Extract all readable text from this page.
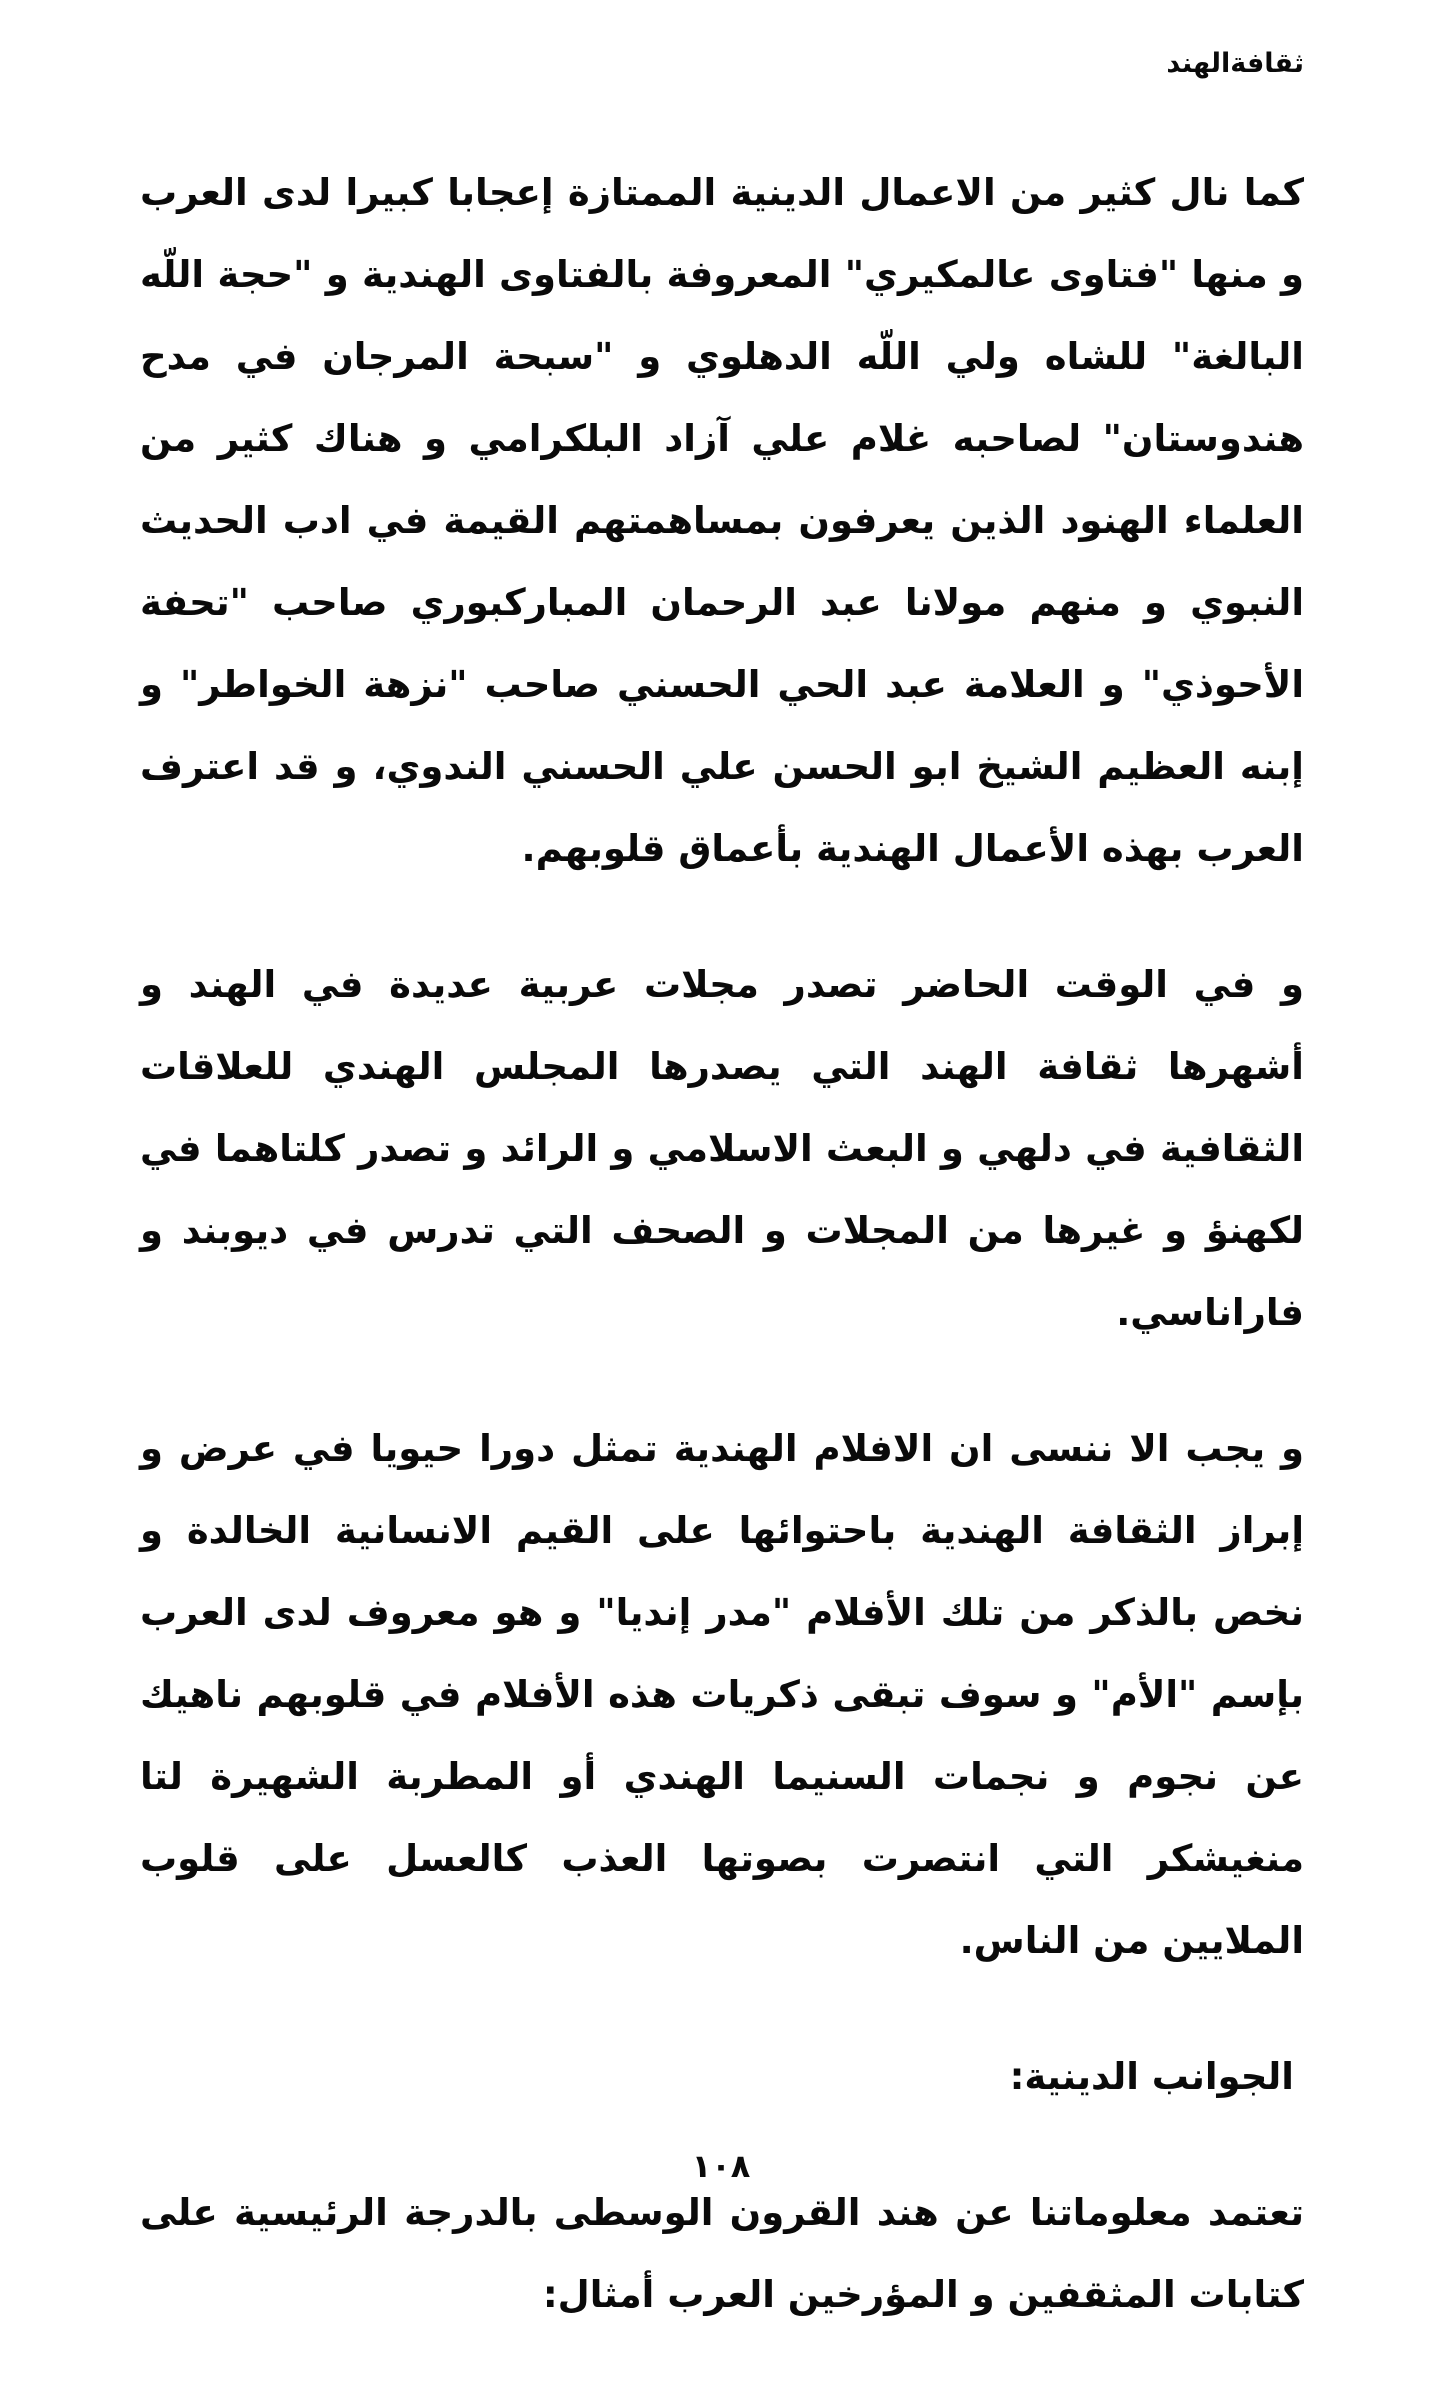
ثقافةالهند

كما نال كثير من الاعمال الدينية الممتازة إعجابا كبيرا لدى العرب و منها "فتاوى عالمكيري" المعروفة بالفتاوى الهندية و "حجة اللّه البالغة" للشاه ولي اللّه الدهلوي و "سبحة المرجان في مدح هندوستان" لصاحبه غلام علي آزاد البلكرامي و هناك كثير من العلماء الهنود الذين يعرفون بمساهمتهم القيمة في ادب الحديث النبوي و منهم مولانا عبد الرحمان المباركبوري صاحب "تحفة الأحوذي" و العلامة عبد الحي الحسني صاحب "نزهة الخواطر" و إبنه العظيم الشيخ ابو الحسن علي الحسني الندوي، و قد اعترف العرب بهذه الأعمال الهندية بأعماق قلوبهم.

و في الوقت الحاضر تصدر مجلات عربية عديدة في الهند و أشهرها ثقافة الهند التي يصدرها المجلس الهندي للعلاقات الثقافية في دلهي و البعث الاسلامي و الرائد و تصدر كلتاهما في لكهنؤ و غيرها من المجلات و الصحف التي تدرس في ديوبند و فاراناسي.

و يجب الا ننسى ان الافلام الهندية تمثل دورا حيويا في عرض و إبراز الثقافة الهندية باحتوائها على القيم الانسانية الخالدة و نخص بالذكر من تلك الأفلام "مدر إنديا" و هو معروف لدى العرب بإسم "الأم" و سوف تبقى ذكريات هذه الأفلام في قلوبهم ناهيك عن نجوم و نجمات السنيما الهندي أو المطربة الشهيرة لتا منغيشكر التي انتصرت بصوتها العذب كالعسل على قلوب الملايين من الناس.

الجوانب الدينية:

تعتمد معلوماتنا عن هند القرون الوسطى بالدرجة الرئيسية على كتابات المثقفين و المؤرخين العرب أمثال:

١٠٨
